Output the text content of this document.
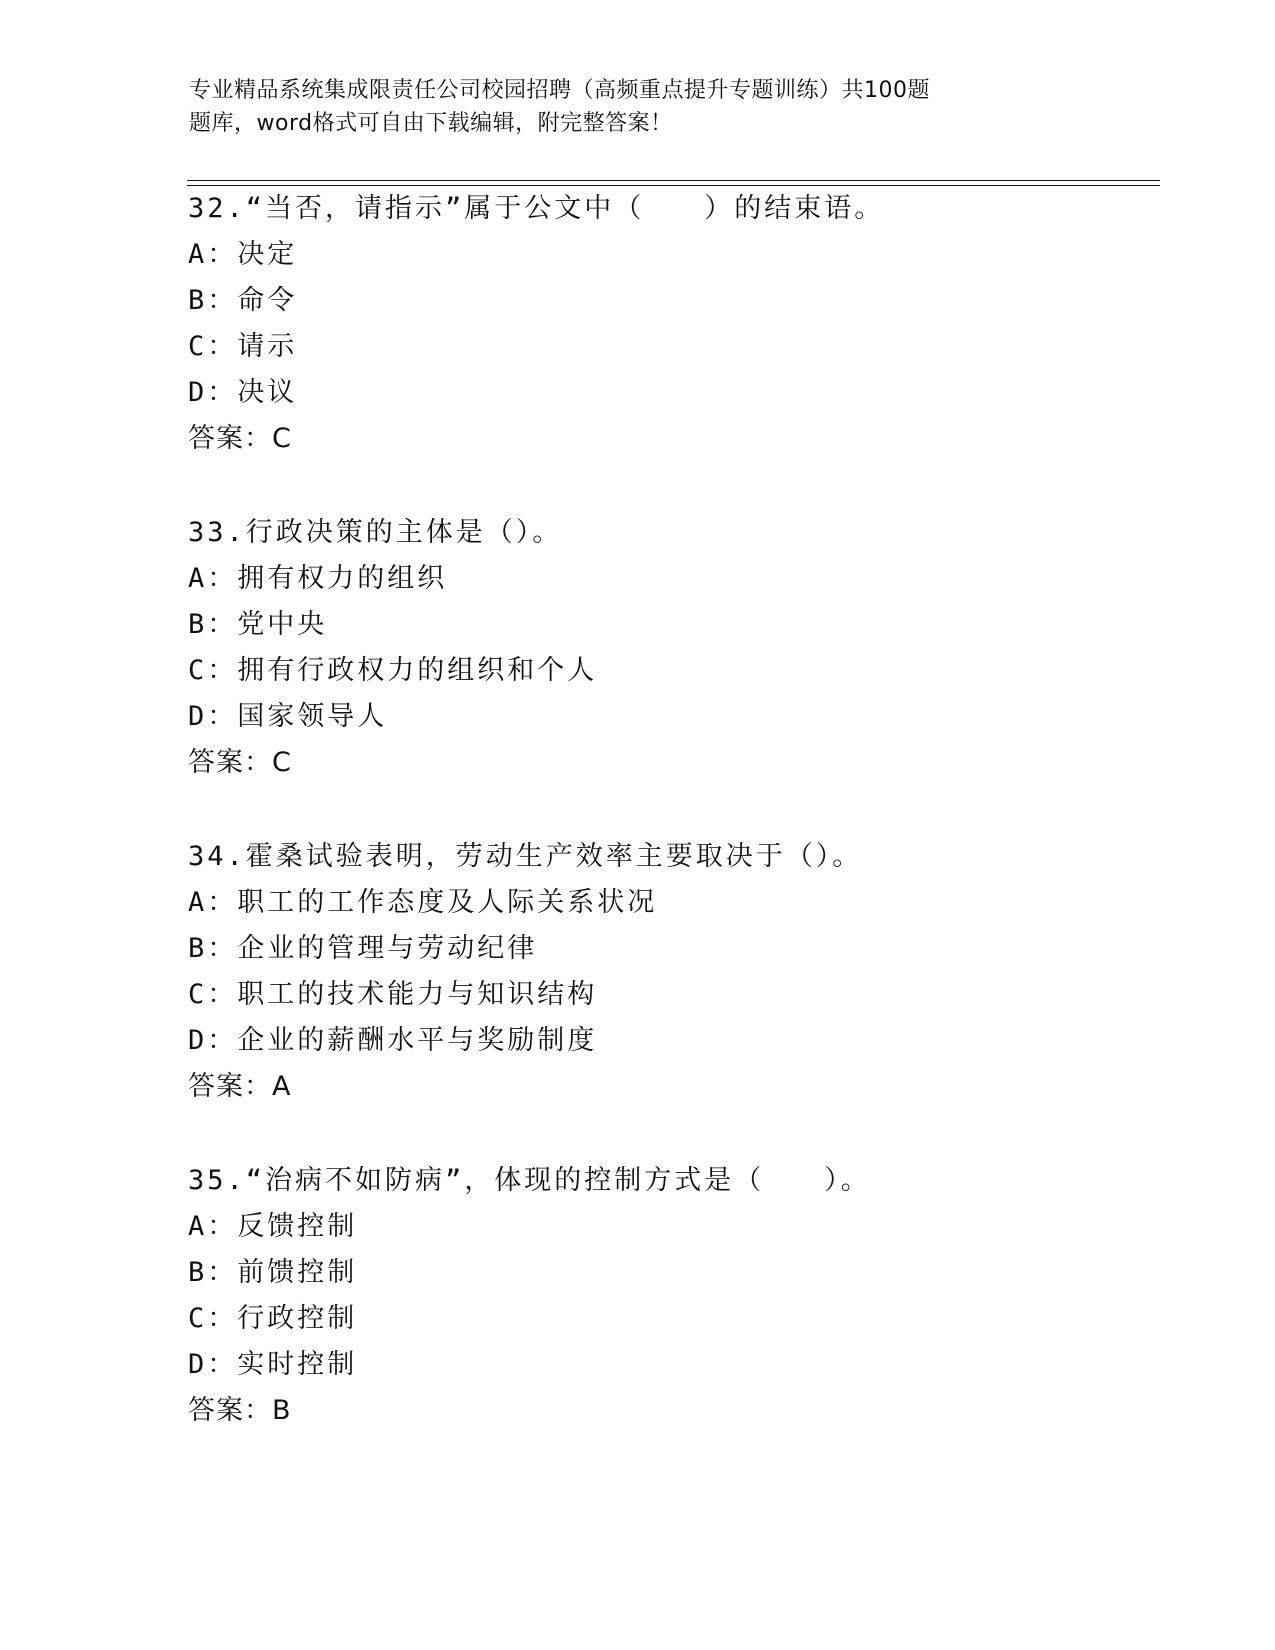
专业精品系统集成限责任公司校园招聘（高频重点提升专题训练）共100题
题库，word格式可自由下载编辑，附完整答案！
32.“当否，请指示”属于公文中（　　）的结束语。
A：决定
B：命令
C：请示
D：决议
答案：C
33.行政决策的主体是（）。
A：拥有权力的组织
B：党中央
C：拥有行政权力的组织和个人
D：国家领导人
答案：C
34.霍桑试验表明，劳动生产效率主要取决于（）。
A：职工的工作态度及人际关系状况
B：企业的管理与劳动纪律
C：职工的技术能力与知识结构
D：企业的薪酬水平与奖励制度
答案：A
35.“治病不如防病”，体现的控制方式是（　　）。
A：反馈控制
B：前馈控制
C：行政控制
D：实时控制
答案：B
